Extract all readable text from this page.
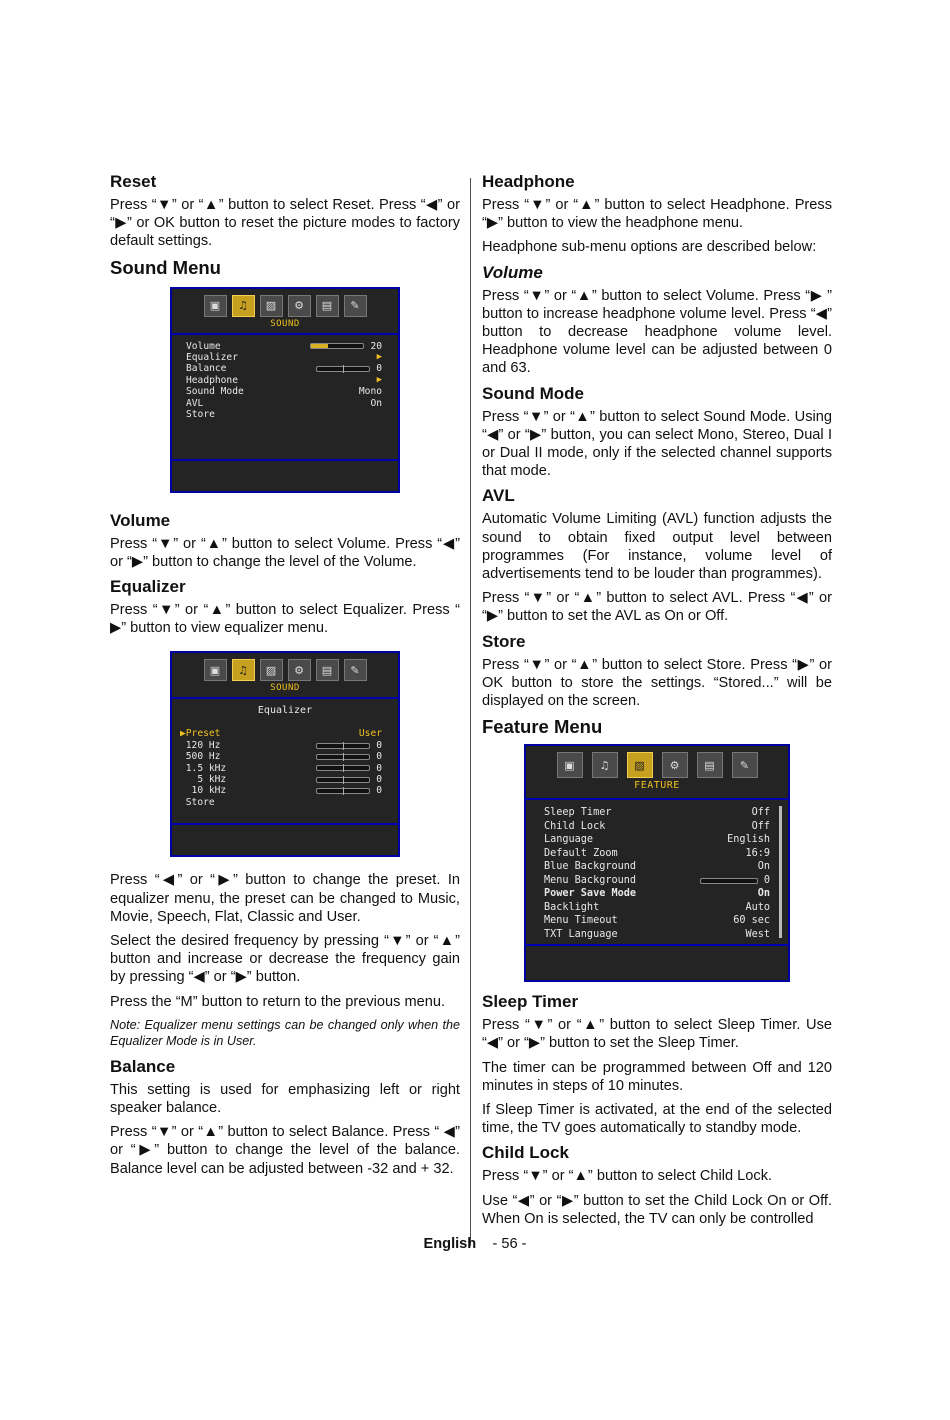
Reset

Press “▼” or “▲” button to select Reset. Press “◀” or “▶” or OK button to reset the picture modes to factory default settings.

Sound Menu
▣	♫	▨	⚙	▤	✎
SOUND
Volume	20
Equalizer	▶
Balance	0
Headphone	▶
Sound Mode	Mono
AVL	On
Store
Volume

Press “▼” or “▲” button to select Volume. Press “◀” or “▶” button to change the level of the Volume.

Equalizer

Press “▼” or “▲” button to select Equalizer. Press “ ▶” button to view equalizer menu.

▣	♫	▨	⚙	▤	✎
SOUND
Equalizer
▶Preset	User
120 Hz	0
500 Hz	0
1.5 kHz	0
5 kHz	0
10 kHz	0
Store

Press “◀” or “▶” button to change the preset. In equalizer menu, the preset can be changed to Music, Movie, Speech, Flat, Classic and User.

Select the desired frequency by pressing “▼” or “▲” button and increase or decrease the frequency gain by pressing “◀” or “▶” button.

Press the “M” button to return to the previous menu.

Note: Equalizer menu settings can be changed only when the Equalizer Mode is in User.

Balance

This setting is used for emphasizing left or right speaker balance.

Press “▼” or “▲” button to select Balance. Press “ ◀” or “▶” button to change the level of the balance. Balance level can be adjusted between -32 and + 32.

Headphone

Press “▼” or “▲” button to select Headphone. Press “▶” button to view the headphone menu.

Headphone sub-menu options are described below:

Volume

Press “▼” or “▲” button to select Volume. Press “▶ ” button to increase headphone volume level. Press “◀” button to decrease headphone volume level. Headphone volume level can be adjusted between 0 and 63.

Sound Mode

Press “▼” or “▲” button to select Sound Mode. Using “◀” or “▶” button, you can select Mono, Stereo, Dual I or Dual II mode, only if the selected channel supports that mode.

AVL

Automatic Volume Limiting (AVL) function adjusts the sound to obtain fixed output level between programmes (For instance, volume level of advertisements tend to be louder than programmes).

Press “▼” or “▲” button to select AVL. Press “◀” or “▶” button to set the AVL as On or Off.

Store

Press “▼” or “▲” button to select Store. Press “▶” or OK button to store the settings. “Stored...” will be displayed on the screen.

Feature Menu
▣	♫	▨	⚙	▤	✎
FEATURE
Sleep Timer	Off
Child Lock	Off
Language	English
Default Zoom	16:9
Blue Background	On
Menu Background	0
Power Save Mode	On
Backlight	Auto
Menu Timeout	60 sec
TXT Language	West
Sleep Timer

Press “▼” or “▲” button to select Sleep Timer. Use “◀” or “▶” button to set the Sleep Timer.

The timer can be programmed between Off and 120 minutes in steps of 10 minutes.

If Sleep Timer is activated, at the end of the selected time, the TV goes automatically to standby mode.

Child Lock

Press “▼” or “▲” button to select Child Lock.

Use “◀” or “▶” button to set the Child Lock On or Off. When On is selected, the TV can only be controlled

English - 56 -
